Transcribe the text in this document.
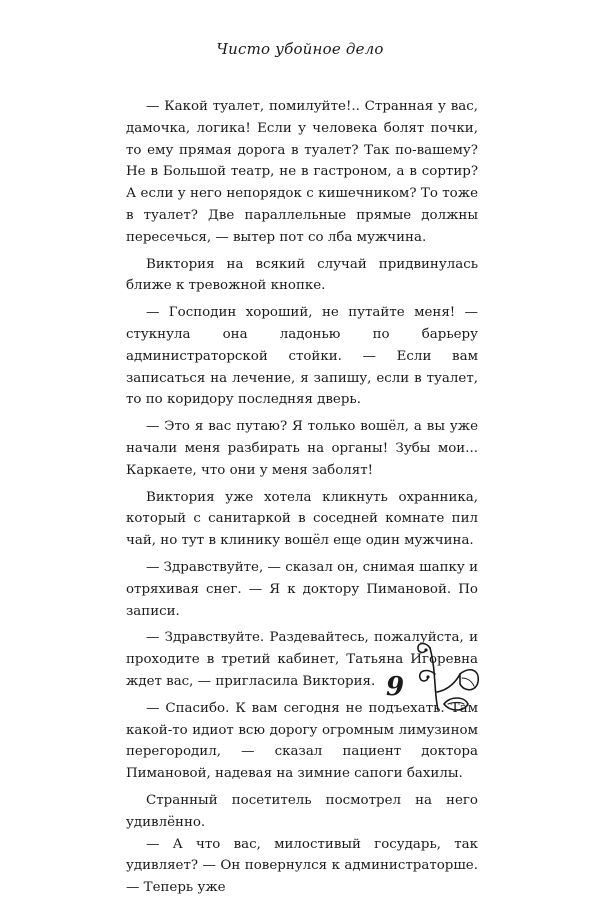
Чисто убойное дело

— Какой туалет, помилуйте!.. Странная у вас, дамочка, логика! Если у человека болят почки, то ему прямая дорога в туалет? Так по-вашему? Не в Большой театр, не в гастроном, а в сортир? А если у него непорядок с кишечником? То тоже в туалет? Две параллельные прямые должны пересечься, — вытер пот со лба мужчина.

Виктория на всякий случай придвинулась ближе к тревожной кнопке.

— Господин хороший, не путайте меня! — стукнула она ладонью по барьеру администраторской стойки. — Если вам записаться на лечение, я запишу, если в туалет, то по коридору последняя дверь.

— Это я вас путаю? Я только вошёл, а вы уже начали меня разбирать на органы! Зубы мои... Каркаете, что они у меня заболят!

Виктория уже хотела кликнуть охранника, который с санитаркой в соседней комнате пил чай, но тут в клинику вошёл еще один мужчина.

— Здравствуйте, — сказал он, снимая шапку и отряхивая снег. — Я к доктору Пимановой. По записи.

— Здравствуйте. Раздевайтесь, пожалуйста, и проходите в третий кабинет, Татьяна Игоревна ждет вас, — пригласила Виктория.

— Спасибо. К вам сегодня не подъехать. Там какой-то идиот всю дорогу огромным лимузином перегородил, — сказал пациент доктора Пимановой, надевая на зимние сапоги бахилы.

Странный посетитель посмотрел на него удивлённо.

— А что вас, милостивый государь, так удивляет? — Он повернулся к администраторше. — Теперь уже

9
